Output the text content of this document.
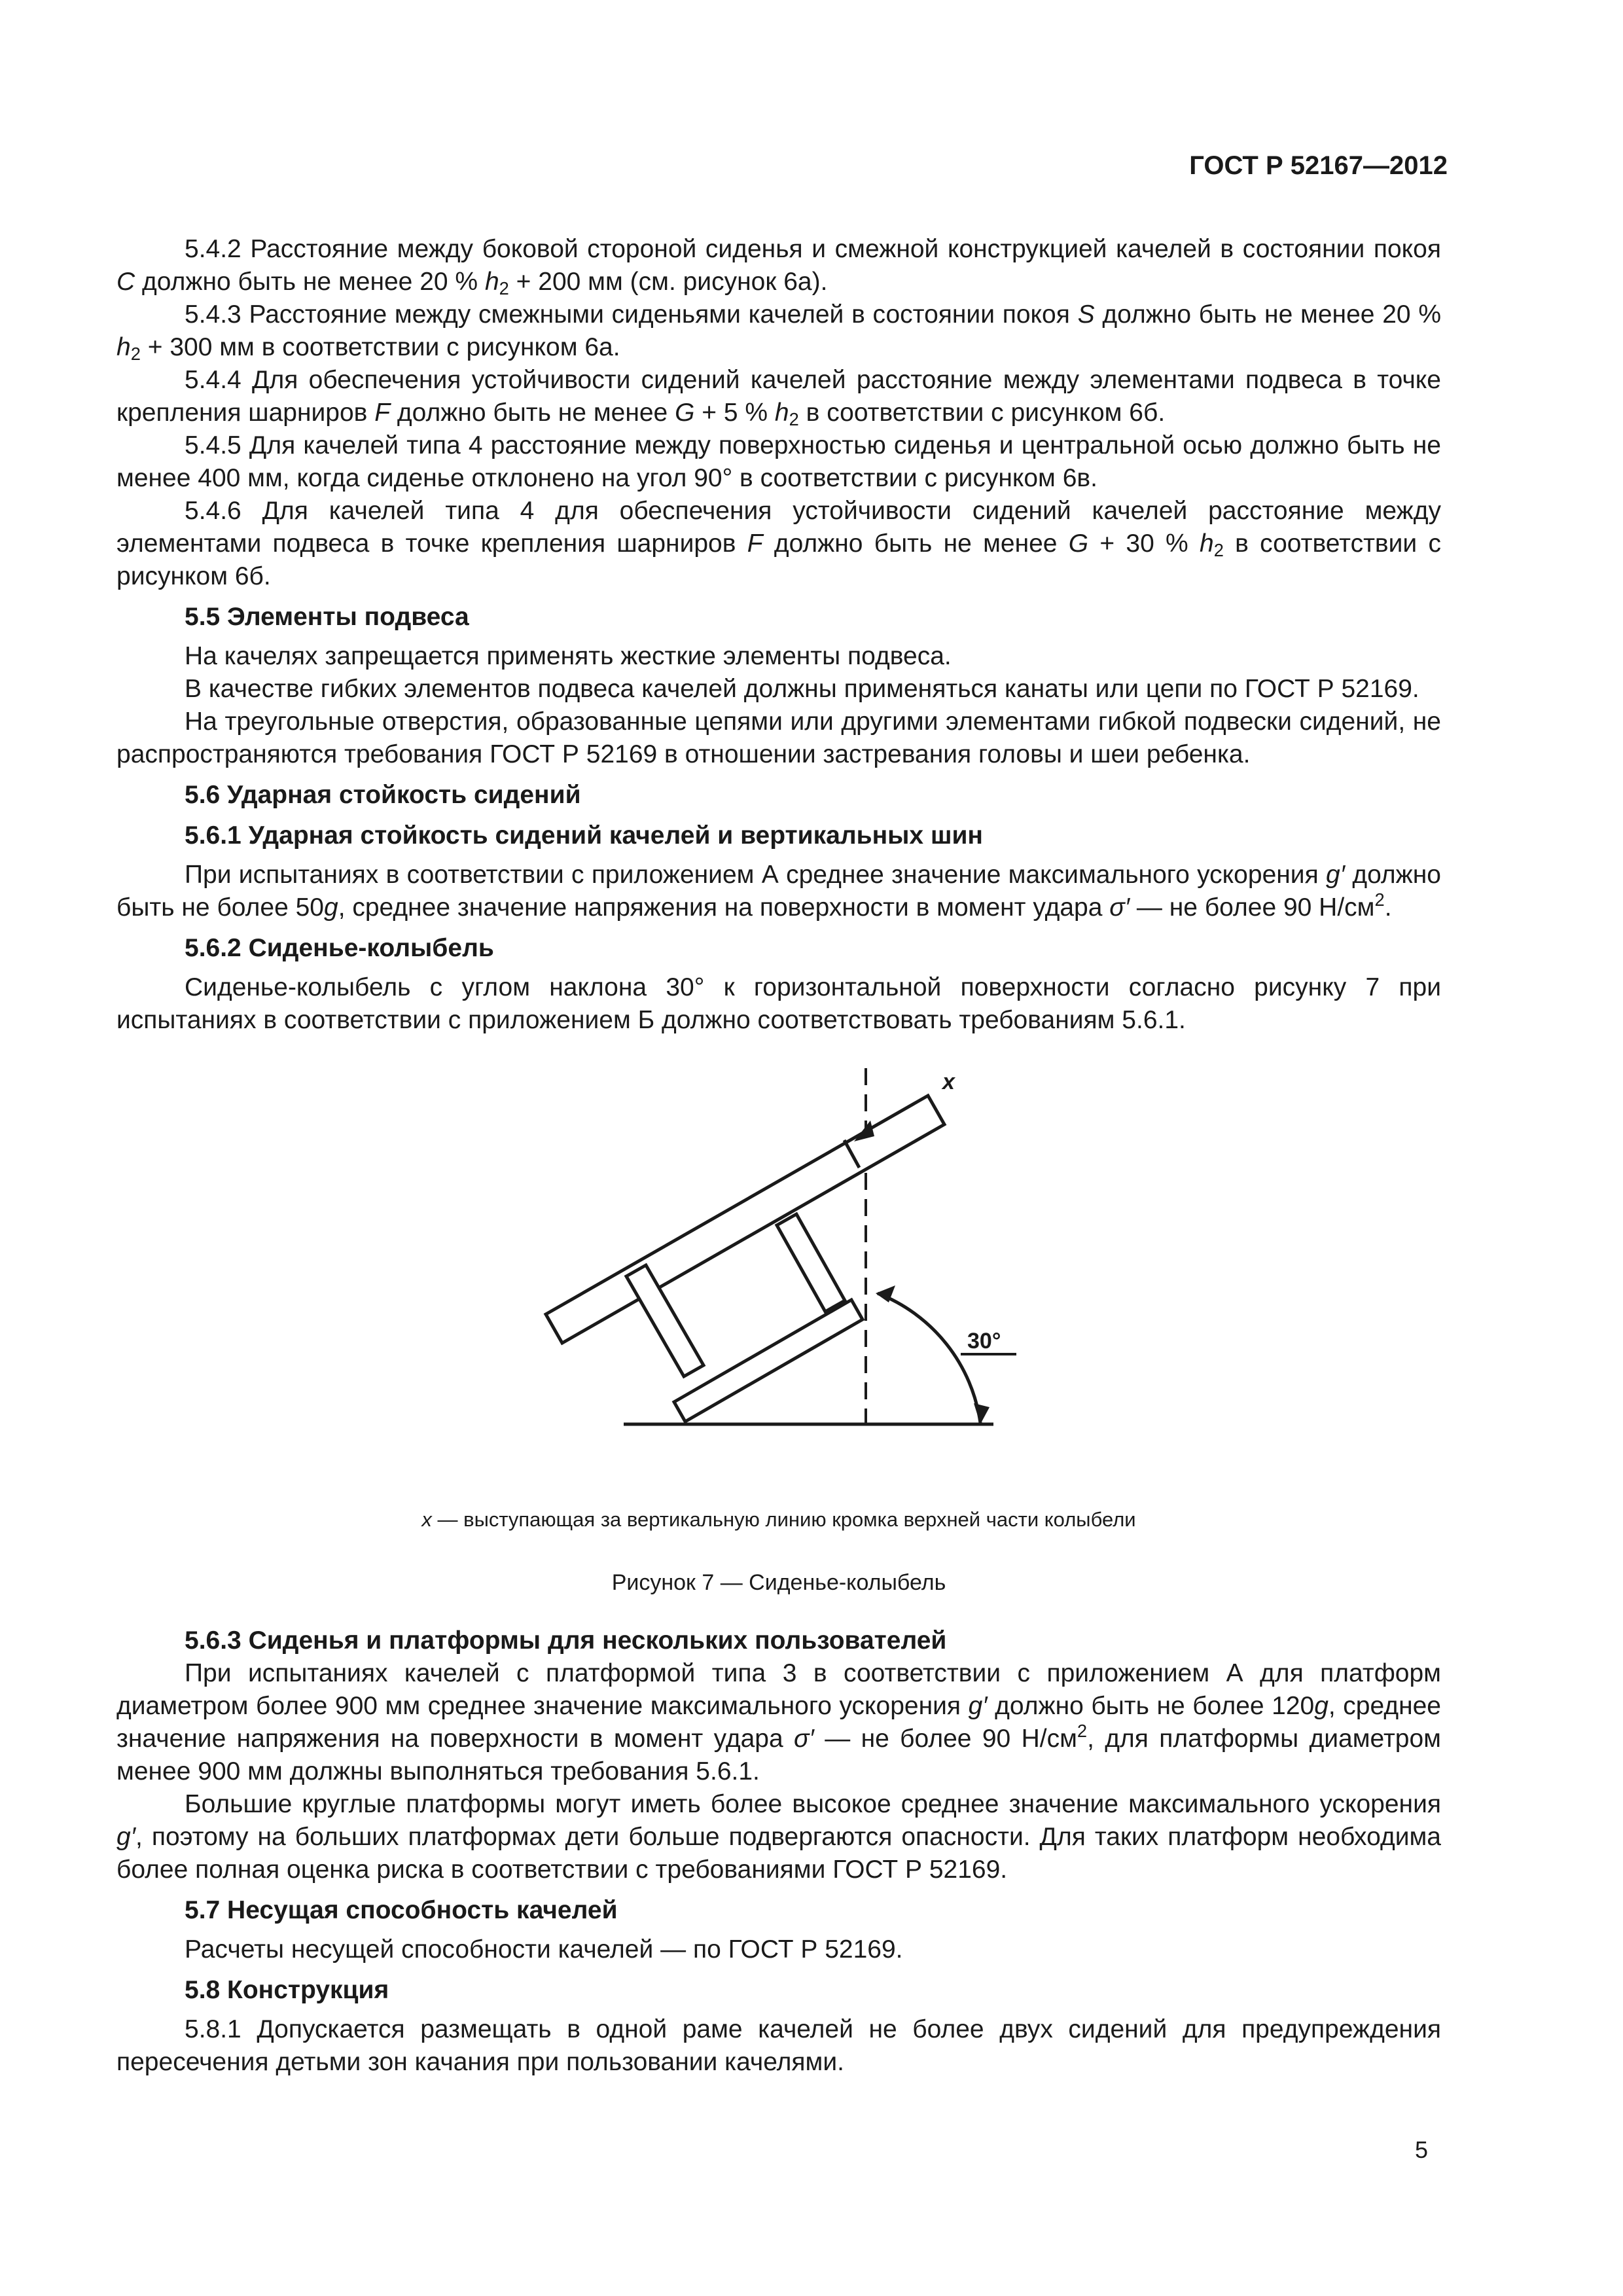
ГОСТ Р 52167—2012

5.4.2 Расстояние между боковой стороной сиденья и смежной конструкцией качелей в состоянии покоя C должно быть не менее 20 % $h_2 + 200$ мм (см. рисунок 6а).

5.4.3 Расстояние между смежными сиденьями качелей в состоянии покоя S должно быть не менее 20 % $h_2 + 300$ мм в соответствии с рисунком 6а.

5.4.4 Для обеспечения устойчивости сидений качелей расстояние между элементами подвеса в точке крепления шарниров F должно быть не менее G + 5 % $h_2$ в соответствии с рисунком 6б.

5.4.5 Для качелей типа 4 расстояние между поверхностью сиденья и центральной осью должно быть не менее 400 мм, когда сиденье отклонено на угол 90° в соответствии с рисунком 6в.

5.4.6 Для качелей типа 4 для обеспечения устойчивости сидений качелей расстояние между элементами подвеса в точке крепления шарниров F должно быть не менее G + 30 % $h_2$ в соответствии с рисунком 6б.

5.5 Элементы подвеса

На качелях запрещается применять жесткие элементы подвеса.

В качестве гибких элементов подвеса качелей должны применяться канаты или цепи по ГОСТ Р 52169.

На треугольные отверстия, образованные цепями или другими элементами гибкой подвески сидений, не распространяются требования ГОСТ Р 52169 в отношении застревания головы и шеи ребенка.

5.6 Ударная стойкость сидений

5.6.1 Ударная стойкость сидений качелей и вертикальных шин

При испытаниях в соответствии с приложением А среднее значение максимального ускорения g′ должно быть не более 50g, среднее значение напряжения на поверхности в момент удара σ′ — не более 90 $Н/см^2$.

5.6.2 Сиденье-колыбель

Сиденье-колыбель с углом наклона 30° к горизонтальной поверхности согласно рисунку 7 при испытаниях в соответствии с приложением Б должно соответствовать требованиям 5.6.1.

30°
x
x — выступающая за вертикальную линию кромка верхней части колыбели
Рисунок 7 — Сиденье-колыбель

5.6.3 Сиденья и платформы для нескольких пользователей

При испытаниях качелей с платформой типа 3 в соответствии с приложением А для платформ диаметром более 900 мм среднее значение максимального ускорения g′ должно быть не более 120g, среднее значение напряжения на поверхности в момент удара σ′ — не более 90 $Н/см^2$, для платформы диаметром менее 900 мм должны выполняться требования 5.6.1.

Большие круглые платформы могут иметь более высокое среднее значение максимального ускорения g′, поэтому на больших платформах дети больше подвергаются опасности. Для таких платформ необходима более полная оценка риска в соответствии с требованиями ГОСТ Р 52169.

5.7 Несущая способность качелей

Расчеты несущей способности качелей — по ГОСТ Р 52169.

5.8 Конструкция

5.8.1 Допускается размещать в одной раме качелей не более двух сидений для предупреждения пересечения детьми зон качания при пользовании качелями.

5
